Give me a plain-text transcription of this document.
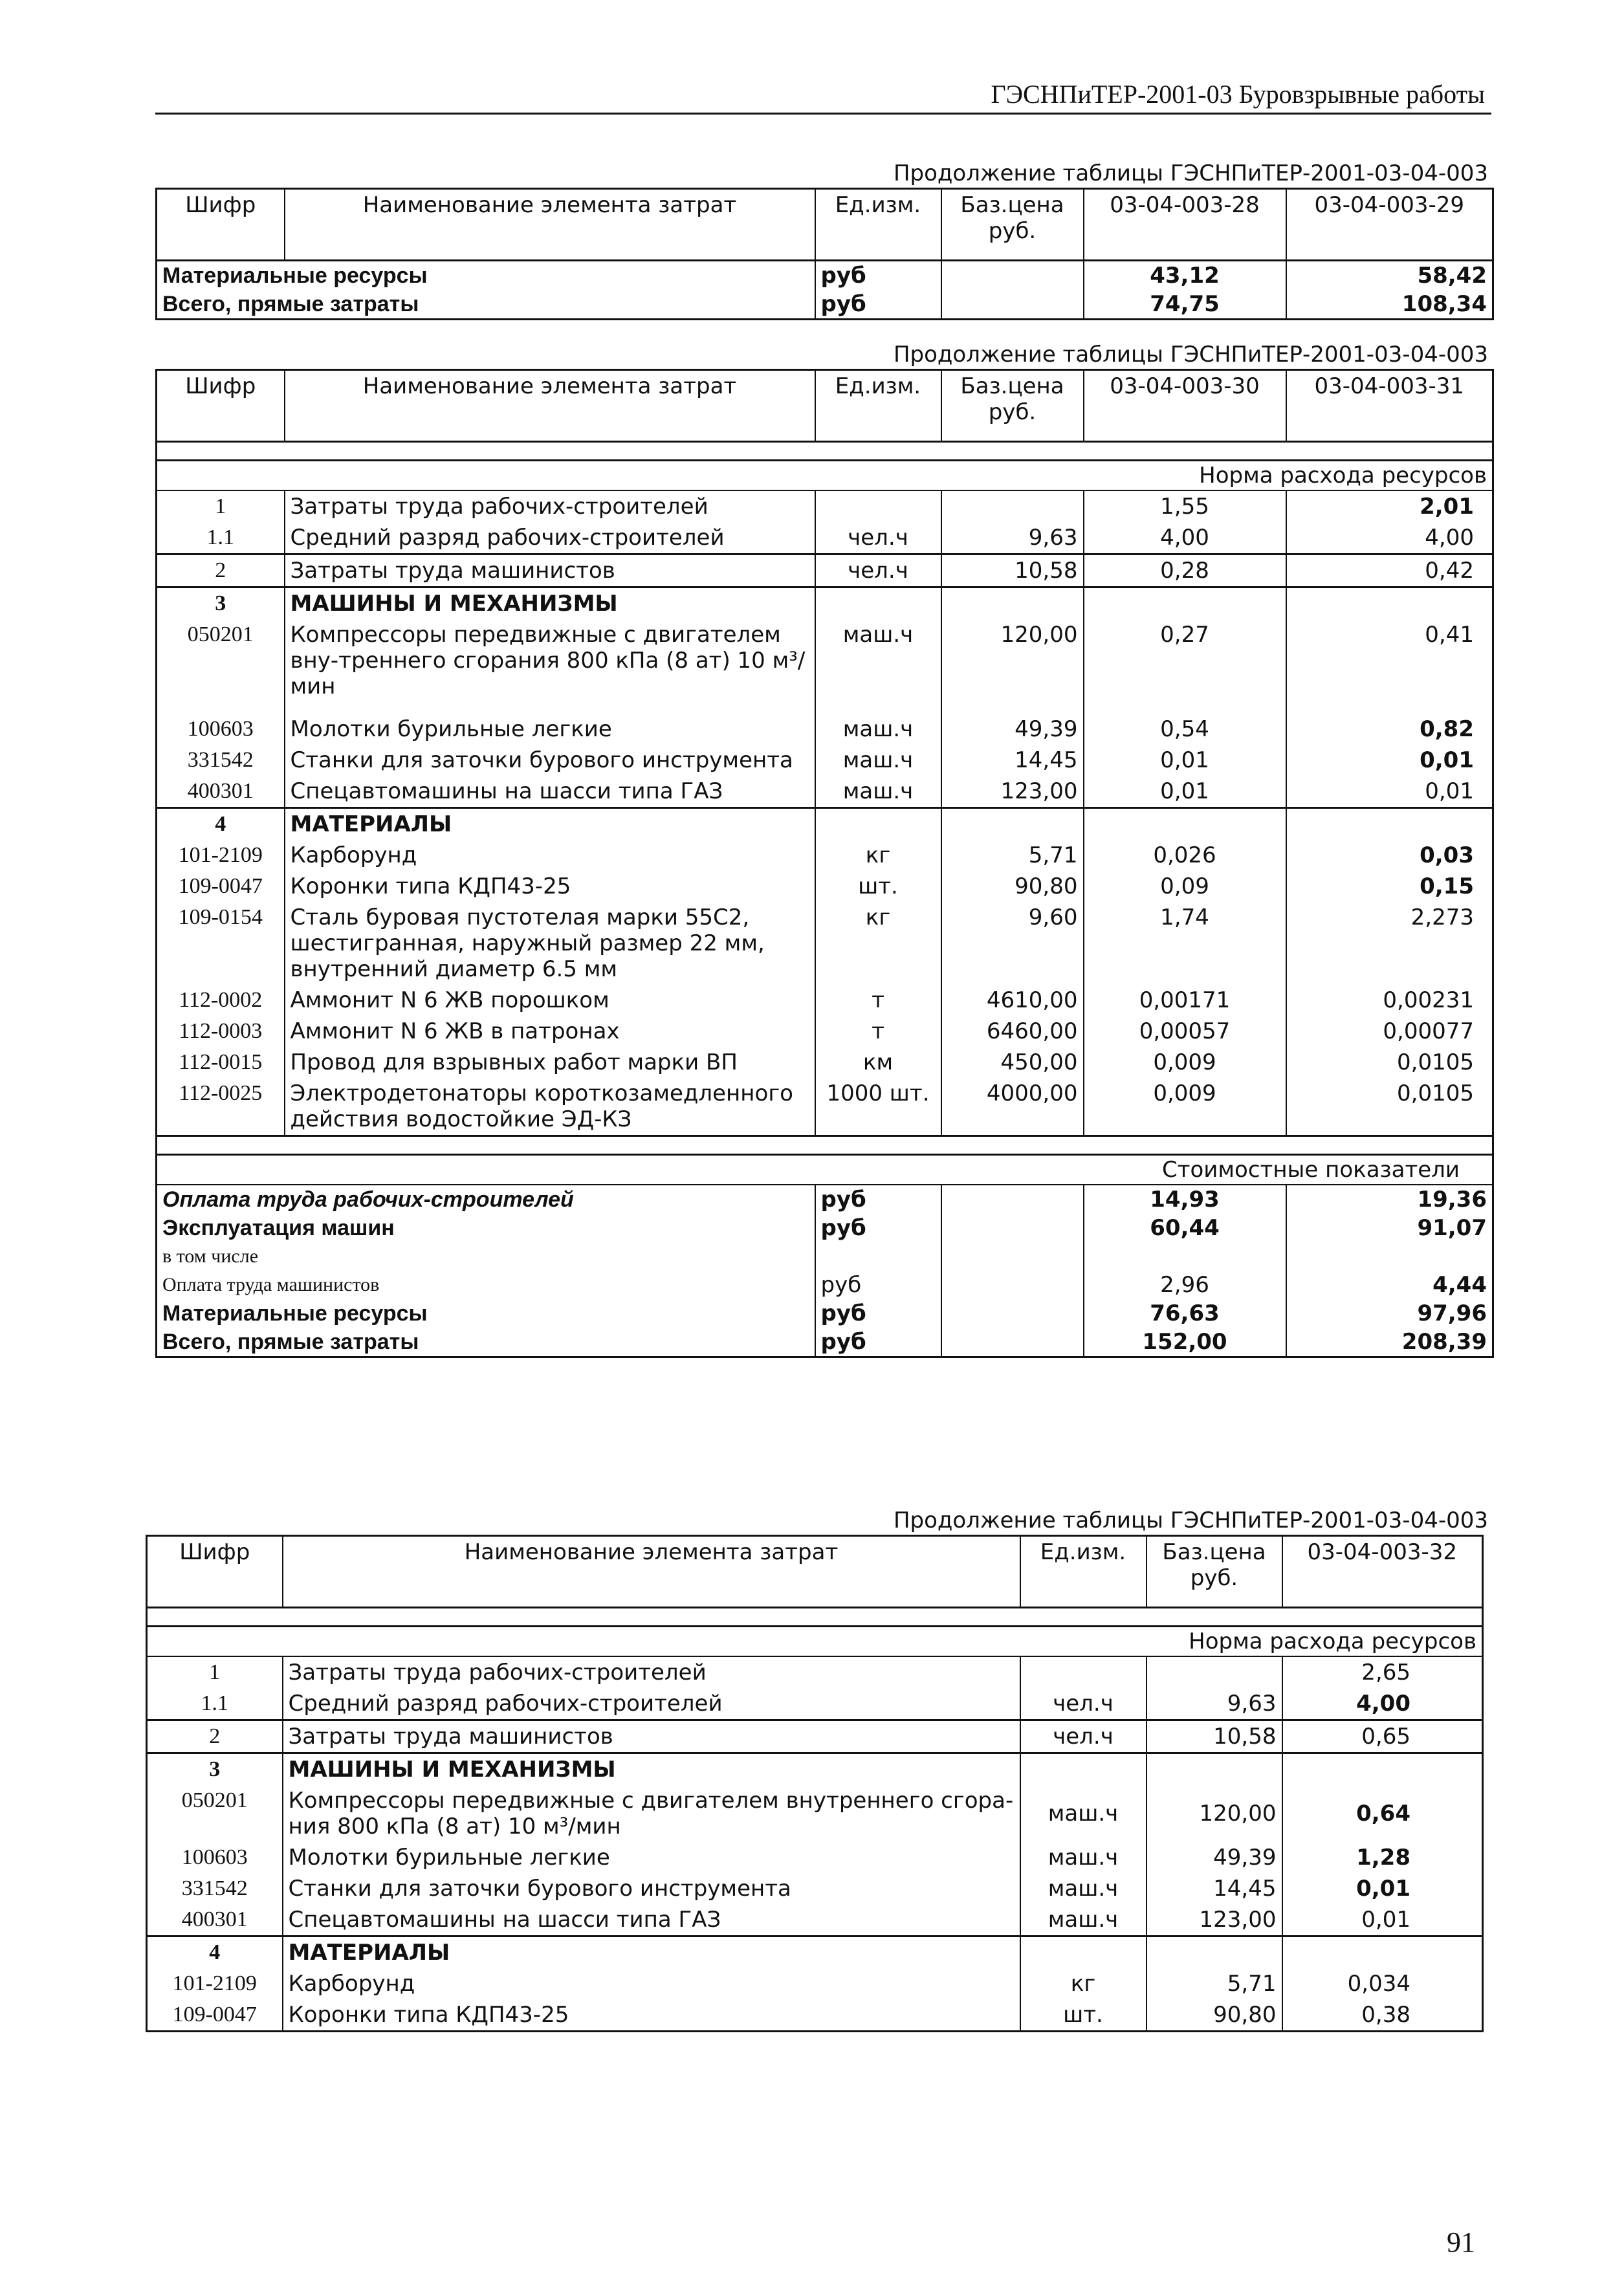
ГЭСНПиТЕР-2001-03 Буровзрывные работы
Продолжение таблицы ГЭСНПиТЕР-2001-03-04-003
Шифр	Наименование элемента затрат	Ед.изм.	Баз.цена руб.	03-04-003-28	03-04-003-29
Материальные ресурсы		руб		43,12	58,42
Всего, прямые затраты		руб		74,75	108,34
Продолжение таблицы ГЭСНПиТЕР-2001-03-04-003
Шифр	Наименование элемента затрат	Ед.изм.	Баз.цена руб.	03-04-003-30	03-04-003-31

Норма расхода ресурсов					
1	Затраты труда рабочих-строителей			1,55	2,01
1.1	Средний разряд рабочих-строителей	чел.ч	9,63	4,00	4,00
2	Затраты труда машинистов	чел.ч	10,58	0,28	0,42
3	МАШИНЫ И МЕХАНИЗМЫ				
050201	Компрессоры передвижные с двигателем вну-треннего сгорания 800 кПа (8 ат) 10 м³/мин	маш.ч	120,00	0,27	0,41
100603	Молотки бурильные легкие	маш.ч	49,39	0,54	0,82
331542	Станки для заточки бурового инструмента	маш.ч	14,45	0,01	0,01
400301	Спецавтомашины на шасси типа ГАЗ	маш.ч	123,00	0,01	0,01
4	МАТЕРИАЛЫ				
101-2109	Карборунд	кг	5,71	0,026	0,03
109-0047	Коронки типа КДП43-25	шт.	90,80	0,09	0,15
109-0154	Сталь буровая пустотелая марки 55С2, шестигранная, наружный размер 22 мм, внутренний диаметр 6.5 мм	кг	9,60	1,74	2,273
112-0002	Аммонит N 6 ЖВ порошком	т	4610,00	0,00171	0,00231
112-0003	Аммонит N 6 ЖВ в патронах	т	6460,00	0,00057	0,00077
112-0015	Провод для взрывных работ марки ВП	км	450,00	0,009	0,0105
112-0025	Электродетонаторы короткозамедленного действия водостойкие ЭД-КЗ	1000 шт.	4000,00	0,009	0,0105

Стоимостные показатели					
Оплата труда рабочих-строителей		руб		14,93	19,36
Эксплуатация машин		руб		60,44	91,07
в том числе					
Оплата труда машинистов		руб		2,96	4,44
Материальные ресурсы		руб		76,63	97,96
Всего, прямые затраты		руб		152,00	208,39
Продолжение таблицы ГЭСНПиТЕР-2001-03-04-003
Шифр	Наименование элемента затрат	Ед.изм.	Баз.цена руб.	03-04-003-32

Норма расхода ресурсов				
1	Затраты труда рабочих-строителей			2,65
1.1	Средний разряд рабочих-строителей	чел.ч	9,63	4,00
2	Затраты труда машинистов	чел.ч	10,58	0,65
3	МАШИНЫ И МЕХАНИЗМЫ			
050201	Компрессоры передвижные с двигателем внутреннего сгора-ния 800 кПа (8 ат) 10 м³/мин	маш.ч	120,00	0,64
100603	Молотки бурильные легкие	маш.ч	49,39	1,28
331542	Станки для заточки бурового инструмента	маш.ч	14,45	0,01
400301	Спецавтомашины на шасси типа ГАЗ	маш.ч	123,00	0,01
4	МАТЕРИАЛЫ			
101-2109	Карборунд	кг	5,71	0,034
109-0047	Коронки типа КДП43-25	шт.	90,80	0,38
91
